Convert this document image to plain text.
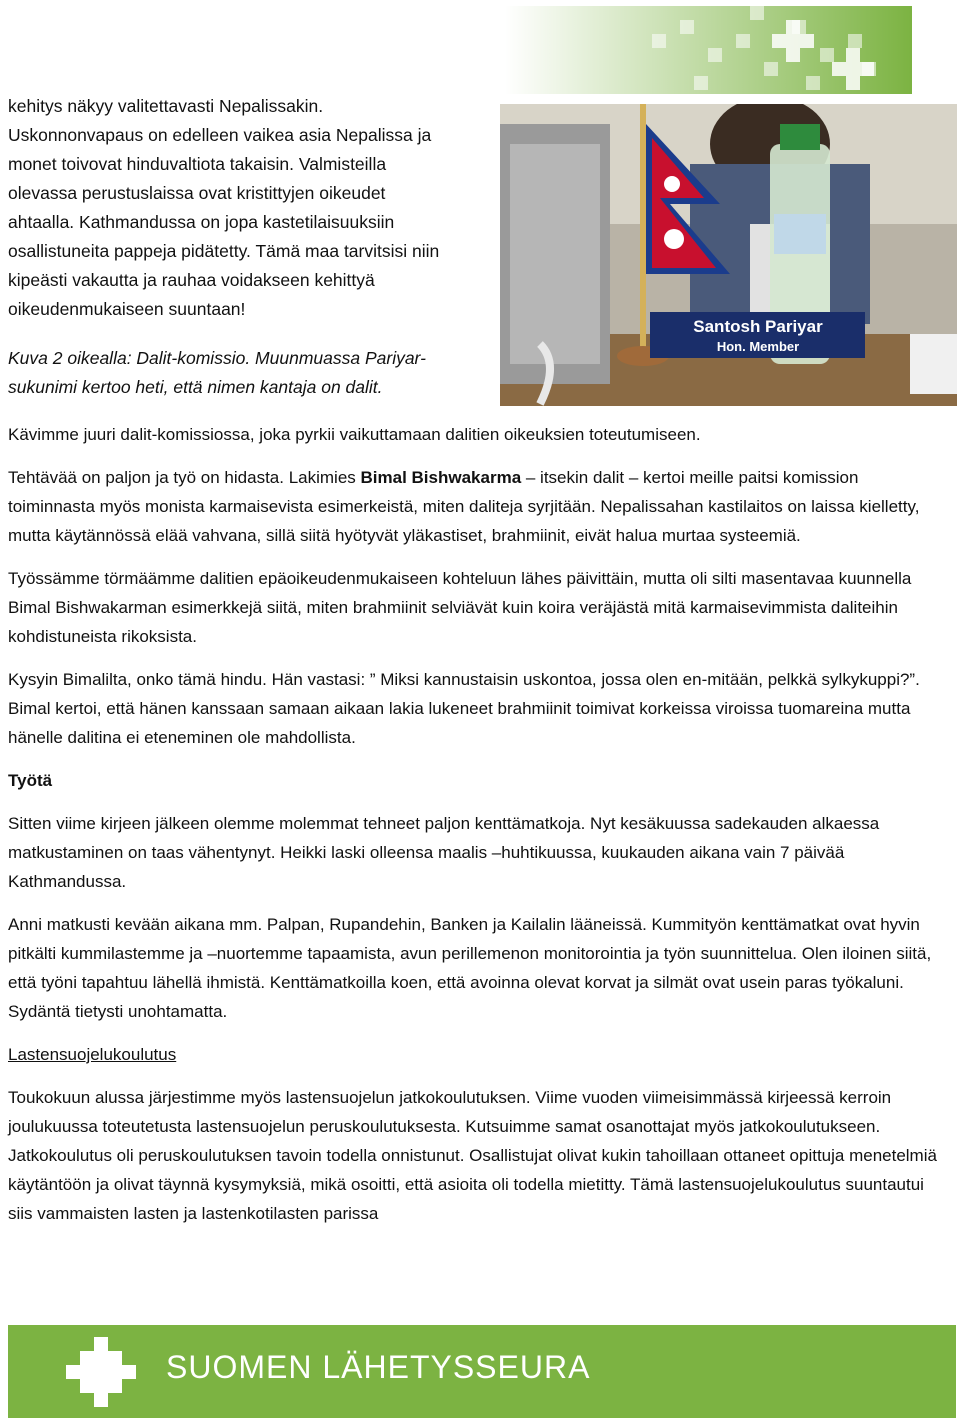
kehitys näkyy valitettavasti Nepalissakin.

Uskonnonvapaus on edelleen vaikea asia Nepalissa ja

monet toivovat hinduvaltiota takaisin. Valmisteilla

olevassa perustuslaissa ovat kristittyjen oikeudet

ahtaalla. Kathmandussa on jopa kastetilaisuuksiin

osallistuneita pappeja pidätetty. Tämä maa tarvitsisi niin

kipeästi vakautta ja rauhaa voidakseen kehittyä

oikeudenmukaiseen suuntaan!

Kuva 2 oikealla: Dalit-komissio. Muunmuassa Pariyar-

sukunimi kertoo heti, että nimen kantaja on dalit.

Santosh Pariyar
Hon. Member

Kävimme juuri dalit-komissiossa, joka pyrkii vaikuttamaan dalitien oikeuksien toteutumiseen.

Tehtävää on paljon ja työ on hidasta. Lakimies Bimal Bishwakarma – itsekin dalit – kertoi meille paitsi komission toiminnasta myös monista karmaisevista esimerkeistä, miten daliteja syrjitään. Nepalissahan kastilaitos on laissa kielletty, mutta käytännössä elää vahvana, sillä siitä hyötyvät yläkastiset, brahmiinit, eivät halua murtaa systeemiä.

Työssämme törmäämme dalitien epäoikeudenmukaiseen kohteluun lähes päivittäin, mutta oli silti masentavaa kuunnella Bimal Bishwakarman esimerkkejä siitä, miten brahmiinit selviävät kuin koira veräjästä mitä karmaisevimmista daliteihin kohdistuneista rikoksista.

Kysyin Bimalilta, onko tämä hindu. Hän vastasi: ” Miksi kannustaisin uskontoa, jossa olen en-mitään, pelkkä sylkykuppi?”. Bimal kertoi, että hänen kanssaan samaan aikaan lakia lukeneet brahmiinit toimivat korkeissa viroissa tuomareina mutta hänelle dalitina ei eteneminen ole mahdollista.

Työtä

Sitten viime kirjeen jälkeen olemme molemmat tehneet paljon kenttämatkoja. Nyt kesäkuussa sadekauden alkaessa matkustaminen on taas vähentynyt. Heikki laski olleensa maalis –huhtikuussa, kuukauden aikana vain 7 päivää Kathmandussa.

Anni matkusti kevään aikana mm. Palpan, Rupandehin, Banken ja Kailalin lääneissä. Kummityön kenttämatkat ovat hyvin pitkälti kummilastemme ja –nuortemme tapaamista, avun perillemenon monitorointia ja työn suunnittelua. Olen iloinen siitä, että työni tapahtuu lähellä ihmistä. Kenttämatkoilla koen, että avoinna olevat korvat ja silmät ovat usein paras työkaluni. Sydäntä tietysti unohtamatta.

Lastensuojelukoulutus

Toukokuun alussa järjestimme myös lastensuojelun jatkokoulutuksen. Viime vuoden viimeisimmässä kirjeessä kerroin joulukuussa toteutetusta lastensuojelun peruskoulutuksesta. Kutsuimme samat osanottajat myös jatkokoulutukseen. Jatkokoulutus oli peruskoulutuksen tavoin todella onnistunut. Osallistujat olivat kukin tahoillaan ottaneet opittuja menetelmiä käytäntöön ja olivat täynnä kysymyksiä, mikä osoitti, että asioita oli todella mietitty. Tämä lastensuojelukoulutus suuntautui siis vammaisten lasten ja lastenkotilasten parissa

SUOMEN LÄHETYSSEURA
